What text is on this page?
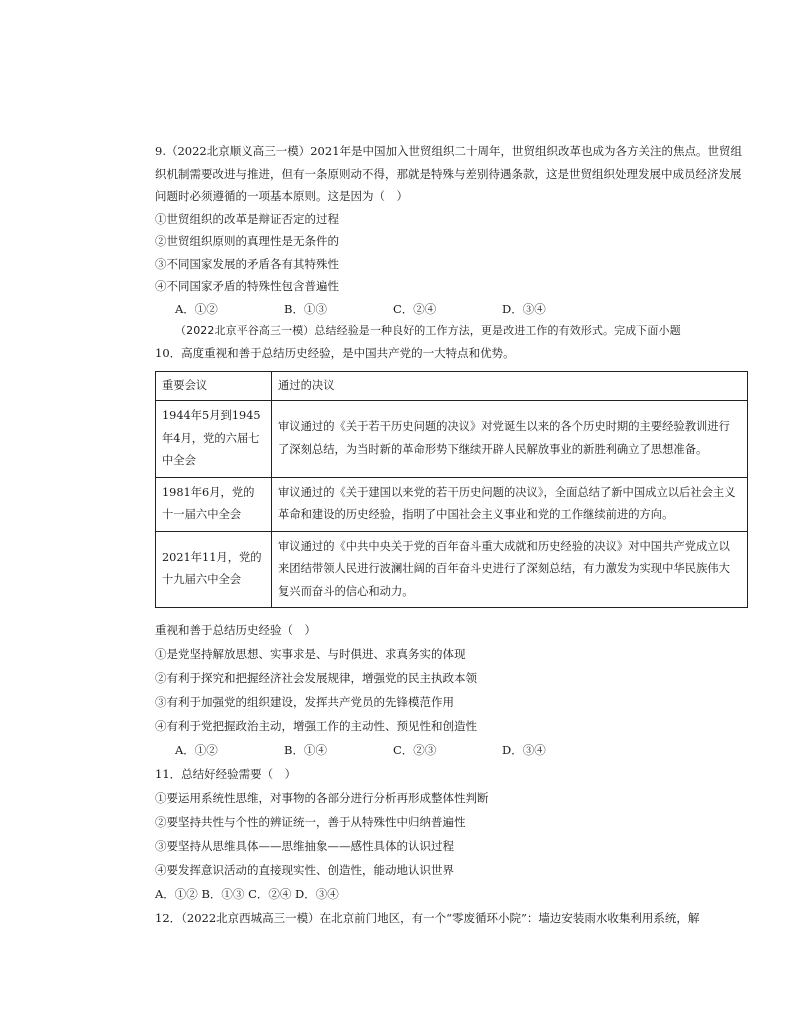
9.（2022北京顺义高三一模）2021年是中国加入世贸组织二十周年，世贸组织改革也成为各方关注的焦点。世贸组织机制需要改进与推进，但有一条原则动不得，那就是特殊与差别待遇条款，这是世贸组织处理发展中成员经济发展问题时必须遵循的一项基本原则。这是因为（　）

①世贸组织的改革是辩证否定的过程
②世贸组织原则的真理性是无条件的
③不同国家发展的矛盾各有其特殊性
④不同国家矛盾的特殊性包含普遍性
A．①②	B．①③	C．②④	D．③④
（2022北京平谷高三一模）总结经验是一种良好的工作方法，更是改进工作的有效形式。完成下面小题

10．高度重视和善于总结历史经验，是中国共产党的一大特点和优势。

重要会议	通过的决议
1944年5月到1945年4月，党的六届七中全会	审议通过的《关于若干历史问题的决议》对党诞生以来的各个历史时期的主要经验教训进行了深刻总结，为当时新的革命形势下继续开辟人民解放事业的新胜利确立了思想准备。
1981年6月，党的十一届六中全会	审议通过的《关于建国以来党的若干历史问题的决议》，全面总结了新中国成立以后社会主义革命和建设的历史经验，指明了中国社会主义事业和党的工作继续前进的方向。
2021年11月，党的十九届六中全会	审议通过的《中共中央关于党的百年奋斗重大成就和历史经验的决议》对中国共产党成立以来团结带领人民进行波澜壮阔的百年奋斗史进行了深刻总结，有力激发为实现中华民族伟大复兴而奋斗的信心和动力。
重视和善于总结历史经验（　）
①是党坚持解放思想、实事求是、与时俱进、求真务实的体现
②有利于探究和把握经济社会发展规律，增强党的民主执政本领
③有利于加强党的组织建设，发挥共产党员的先锋模范作用
④有利于党把握政治主动，增强工作的主动性、预见性和创造性
A．①②	B．①④	C．②③	D．③④
11．总结好经验需要（　）
①要运用系统性思维，对事物的各部分进行分析再形成整体性判断
②要坚持共性与个性的辨证统一，善于从特殊性中归纳普遍性
③要坚持从思维具体——思维抽象——感性具体的认识过程
④要发挥意识活动的直接现实性、创造性，能动地认识世界
A．①② B．①③ C．②④ D．③④
12．（2022北京西城高三一模）在北京前门地区，有一个“零废循环小院”：墙边安装雨水收集利用系统，解
